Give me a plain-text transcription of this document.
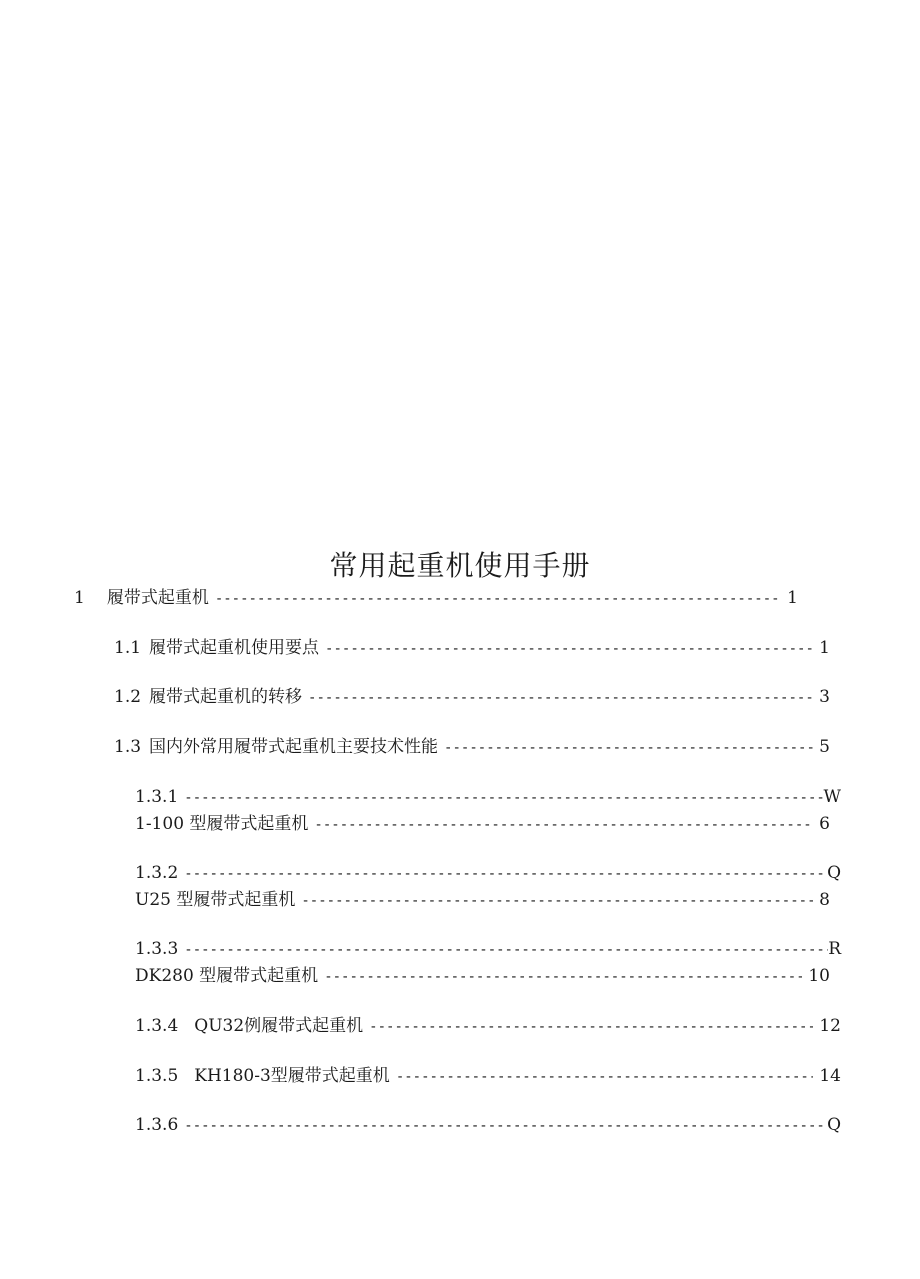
常用起重机使用手册
1 履带式起重机 -----	1
1.1 履带式起重机使用要点 -----	1
1.2 履带式起重机的转移 -----	3
1.3 国内外常用履带式起重机主要技术性能 -----	5
1.3.1 -----	W
1-100 型履带式起重机 -----	6
1.3.2 -----	Q
U25 型履带式起重机 -----	8
1.3.3 -----	R
DK280 型履带式起重机 -----	10
1.3.4 QU32例履带式起重机 -----	12
1.3.5 KH180-3型履带式起重机 -----	14
1.3.6 -----	Q
